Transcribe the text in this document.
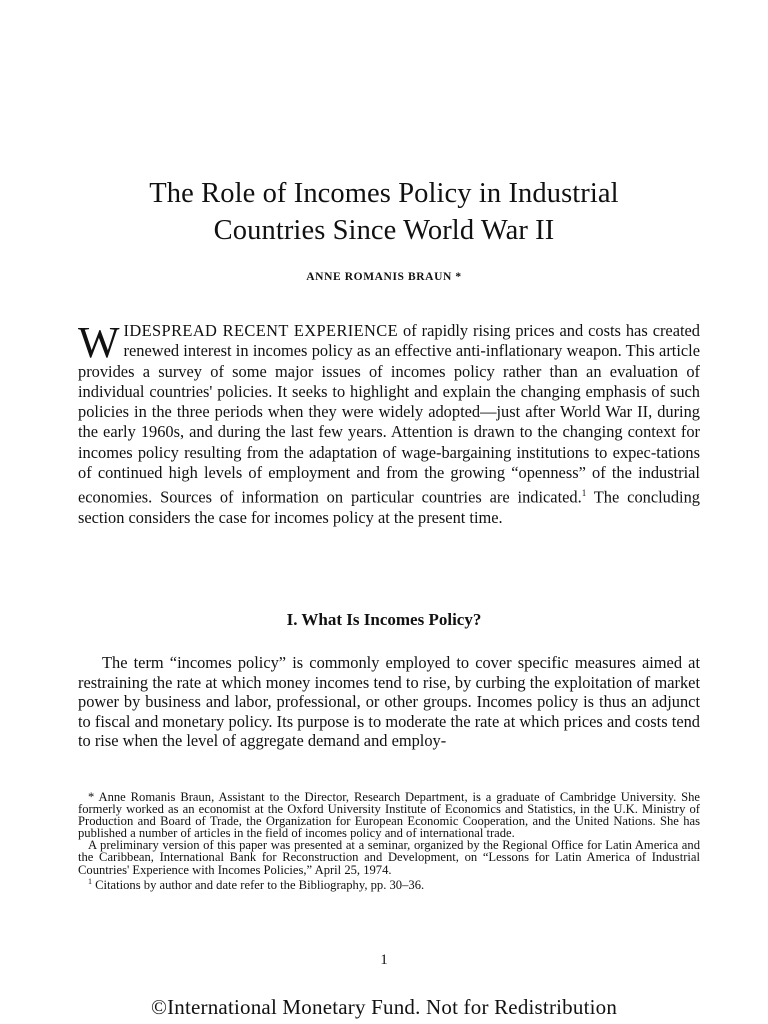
The Role of Incomes Policy in Industrial
Countries Since World War II
ANNE ROMANIS BRAUN *

WIDESPREAD RECENT EXPERIENCE of rapidly rising prices and costs has created renewed interest in incomes policy as an effective anti-inflationary weapon. This article provides a survey of some major issues of incomes policy rather than an evaluation of individual countries' policies. It seeks to highlight and explain the changing emphasis of such policies in the three periods when they were widely adopted—just after World War II, during the early 1960s, and during the last few years. Attention is drawn to the changing context for incomes policy resulting from the adaptation of wage-bargaining institutions to expec-tations of continued high levels of employment and from the growing “openness” of the industrial economies. Sources of information on particular countries are indicated.$^1$ The concluding section considers the case for incomes policy at the present time.

I. What Is Incomes Policy?

The term “incomes policy” is commonly employed to cover specific measures aimed at restraining the rate at which money incomes tend to rise, by curbing the exploitation of market power by business and labor, professional, or other groups. Incomes policy is thus an adjunct to fiscal and monetary policy. Its purpose is to moderate the rate at which prices and costs tend to rise when the level of aggregate demand and employ-

* Anne Romanis Braun, Assistant to the Director, Research Department, is a graduate of Cambridge University. She formerly worked as an economist at the Oxford University Institute of Economics and Statistics, in the U.K. Ministry of Production and Board of Trade, the Organization for European Economic Cooperation, and the United Nations. She has published a number of articles in the field of incomes policy and of international trade.

A preliminary version of this paper was presented at a seminar, organized by the Regional Office for Latin America and the Caribbean, International Bank for Reconstruction and Development, on “Lessons for Latin America of Industrial Countries' Experience with Incomes Policies,” April 25, 1974.

$^1$ Citations by author and date refer to the Bibliography, pp. 30–36.

1
©International Monetary Fund. Not for Redistribution
